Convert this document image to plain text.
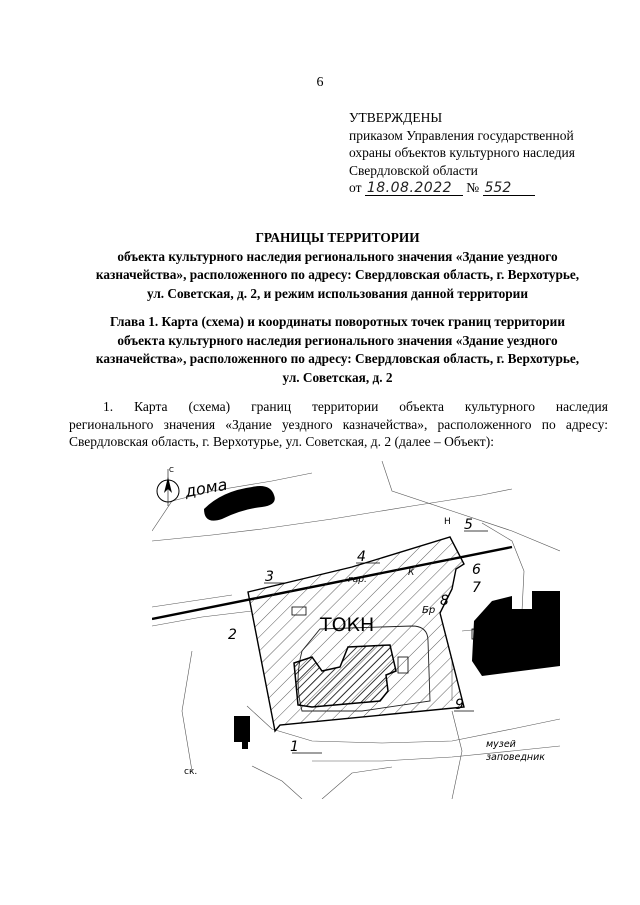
6
УТВЕРЖДЕНЫ
приказом Управления государственной
охраны объектов культурного наследия
Свердловской области
от 18.08.2022 № 552
ГРАНИЦЫ ТЕРРИТОРИИ
объекта культурного наследия регионального значения «Здание уездного
казначейства», расположенного по адресу: Свердловская область, г. Верхотурье,
ул. Советская, д. 2, и режим использования данной территории
Глава 1. Карта (схема) и координаты поворотных точек границ территории
объекта культурного наследия регионального значения «Здание уездного
казначейства», расположенного по адресу: Свердловская область, г. Верхотурье,
ул. Советская, д. 2
1. Карта (схема) границ территории объекта культурного наследия
регионального значения «Здание уездного казначейства», расположенного по адресу: Свердловская область, г. Верхотурье, ул. Советская, д. 2 (далее – Объект):
С
дома
ТОКН
гар.
К
Н
Н
Бр
музей
заповедник
ск.
1
2
3
4
5
6
7
8
9
